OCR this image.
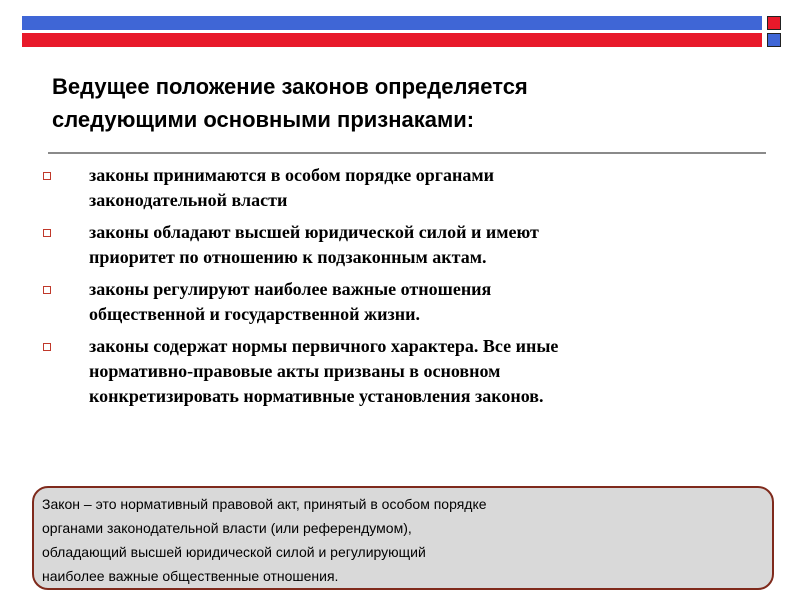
Ведущее положение законов определяется
следующими основными признаками:
законы принимаются в особом порядке органами
законодательной власти
законы обладают высшей юридической силой и имеют
приоритет по отношению к подзаконным актам.
законы регулируют наиболее важные отношения
общественной и государственной жизни.
законы содержат нормы первичного характера. Все иные
нормативно-правовые акты призваны в основном
конкретизировать нормативные установления законов.
Закон – это нормативный правовой акт, принятый в особом порядке
органами законодательной власти (или референдумом),
обладающий высшей юридической силой и регулирующий
наиболее важные общественные отношения.
